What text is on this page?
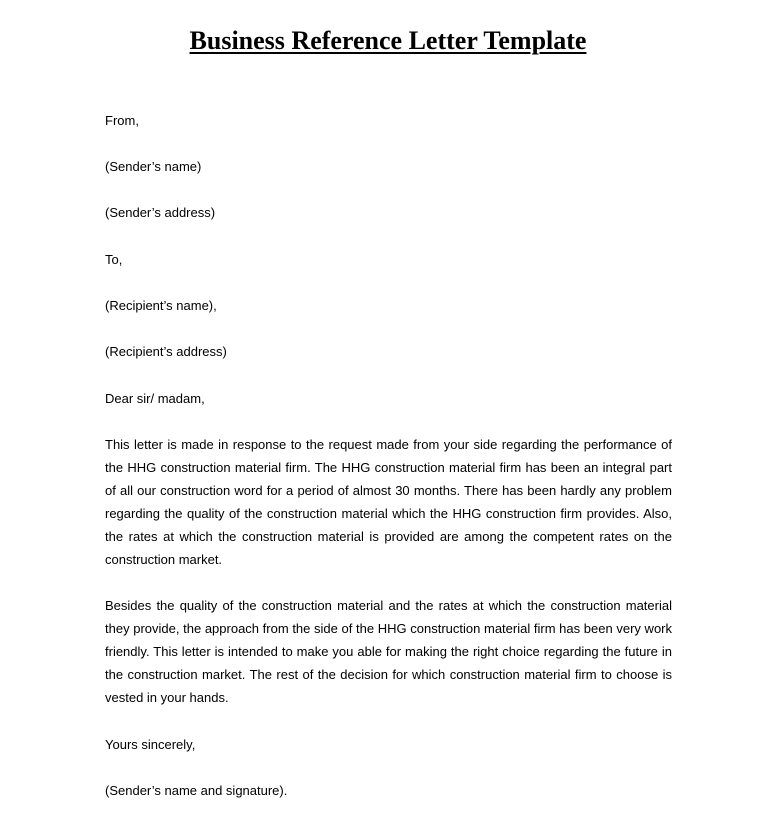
Business Reference Letter Template

From,

(Sender’s name)

(Sender’s address)

To,

(Recipient’s name),

(Recipient’s address)

Dear sir/ madam,

This letter is made in response to the request made from your side regarding the performance of the HHG construction material firm. The HHG construction material firm has been an integral part of all our construction word for a period of almost 30 months. There has been hardly any problem regarding the quality of the construction material which the HHG construction firm provides. Also, the rates at which the construction material is provided are among the competent rates on the construction market.

Besides the quality of the construction material and the rates at which the construction material they provide, the approach from the side of the HHG construction material firm has been very work friendly. This letter is intended to make you able for making the right choice regarding the future in the construction market. The rest of the decision for which construction material firm to choose is vested in your hands.

Yours sincerely,

(Sender’s name and signature).
